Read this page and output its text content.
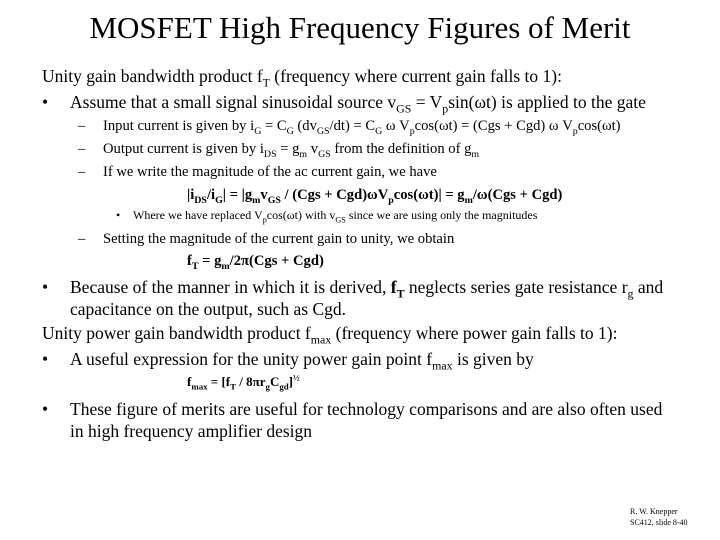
MOSFET High Frequency Figures of Merit
Unity gain bandwidth product $f_T$ (frequency where current gain falls to 1):
• Assume that a small signal sinusoidal source $v_{GS} = V_p\sin(\omega t)$ is applied to the gate
– Input current is given by $i_G = C_G$ $(dv_{GS}/dt) = C_G$ ω $V_p\cos(\omega t) = (Cgs + Cgd)$ ω $V_p\cos(\omega t)$
– Output current is given by $i_{DS} = g_m$ $v_{GS}$ from the definition of $g_m$
– If we write the magnitude of the ac current gain, we have
$|i_{DS}/i_G| = |g_mv_{GS} / (Cgs + Cgd)\omega V_p\cos(\omega t)| = g_m/\omega(Cgs + Cgd)$
• Where we have replaced $V_p\cos(\omega t)$ with $v_{GS}$ since we are using only the magnitudes
– Setting the magnitude of the current gain to unity, we obtain
$f_T = g_m/2\pi(Cgs + Cgd)$
• Because of the manner in which it is derived, $f_T$ neglects series gate resistance $r_g$ and
capacitance on the output, such as Cgd.
Unity power gain bandwidth product $f_{max}$ (frequency where power gain falls to 1):
• A useful expression for the unity power gain point $f_{max}$ is given by
$f_{max} = [f_T / 8\pi r_gC_{gd}]^{\frac{1}{2}}$
• These figure of merits are useful for technology comparisons and are also often used
in high frequency amplifier design
R. W. Knepper
SC412, slide 8-40
